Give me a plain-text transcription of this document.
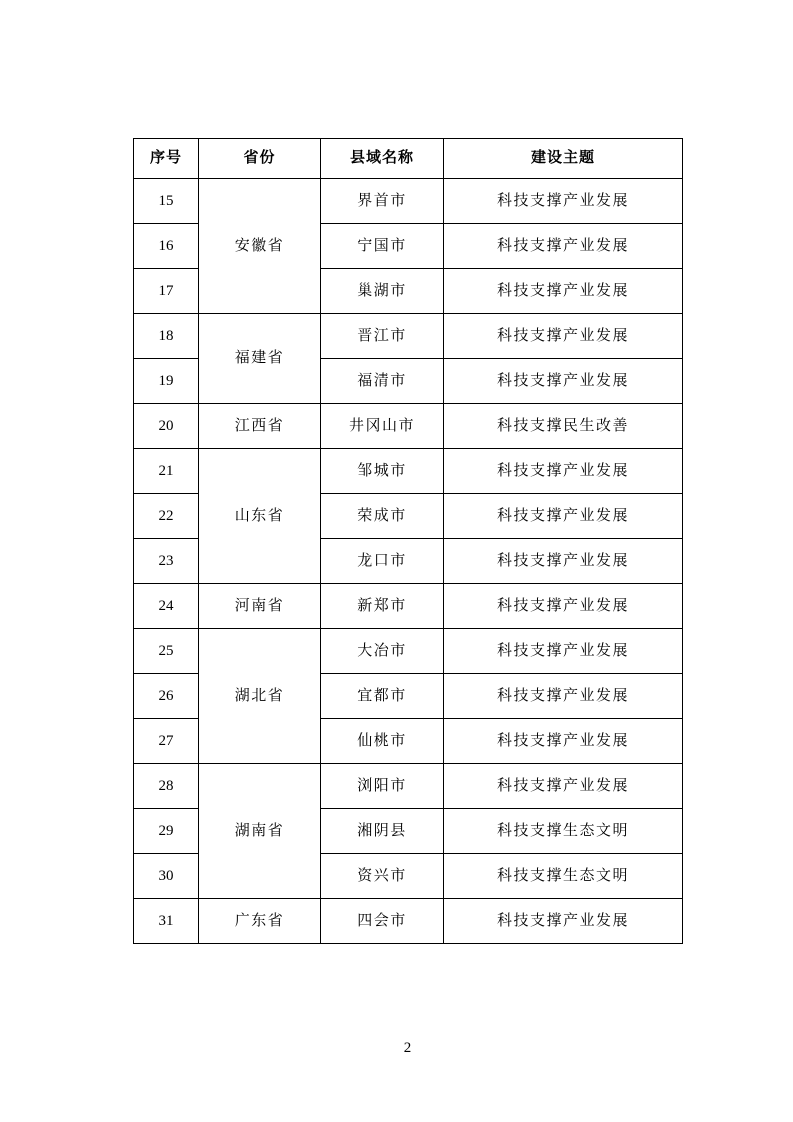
序号	省份	县域名称	建设主题
15	安徽省	界首市	科技支撑产业发展
16		宁国市	科技支撑产业发展
17		巢湖市	科技支撑产业发展
18	福建省	晋江市	科技支撑产业发展
19		福清市	科技支撑产业发展
20	江西省	井冈山市	科技支撑民生改善
21	山东省	邹城市	科技支撑产业发展
22		荣成市	科技支撑产业发展
23		龙口市	科技支撑产业发展
24	河南省	新郑市	科技支撑产业发展
25	湖北省	大冶市	科技支撑产业发展
26		宜都市	科技支撑产业发展
27		仙桃市	科技支撑产业发展
28	湖南省	浏阳市	科技支撑产业发展
29		湘阴县	科技支撑生态文明
30		资兴市	科技支撑生态文明
31	广东省	四会市	科技支撑产业发展
2
